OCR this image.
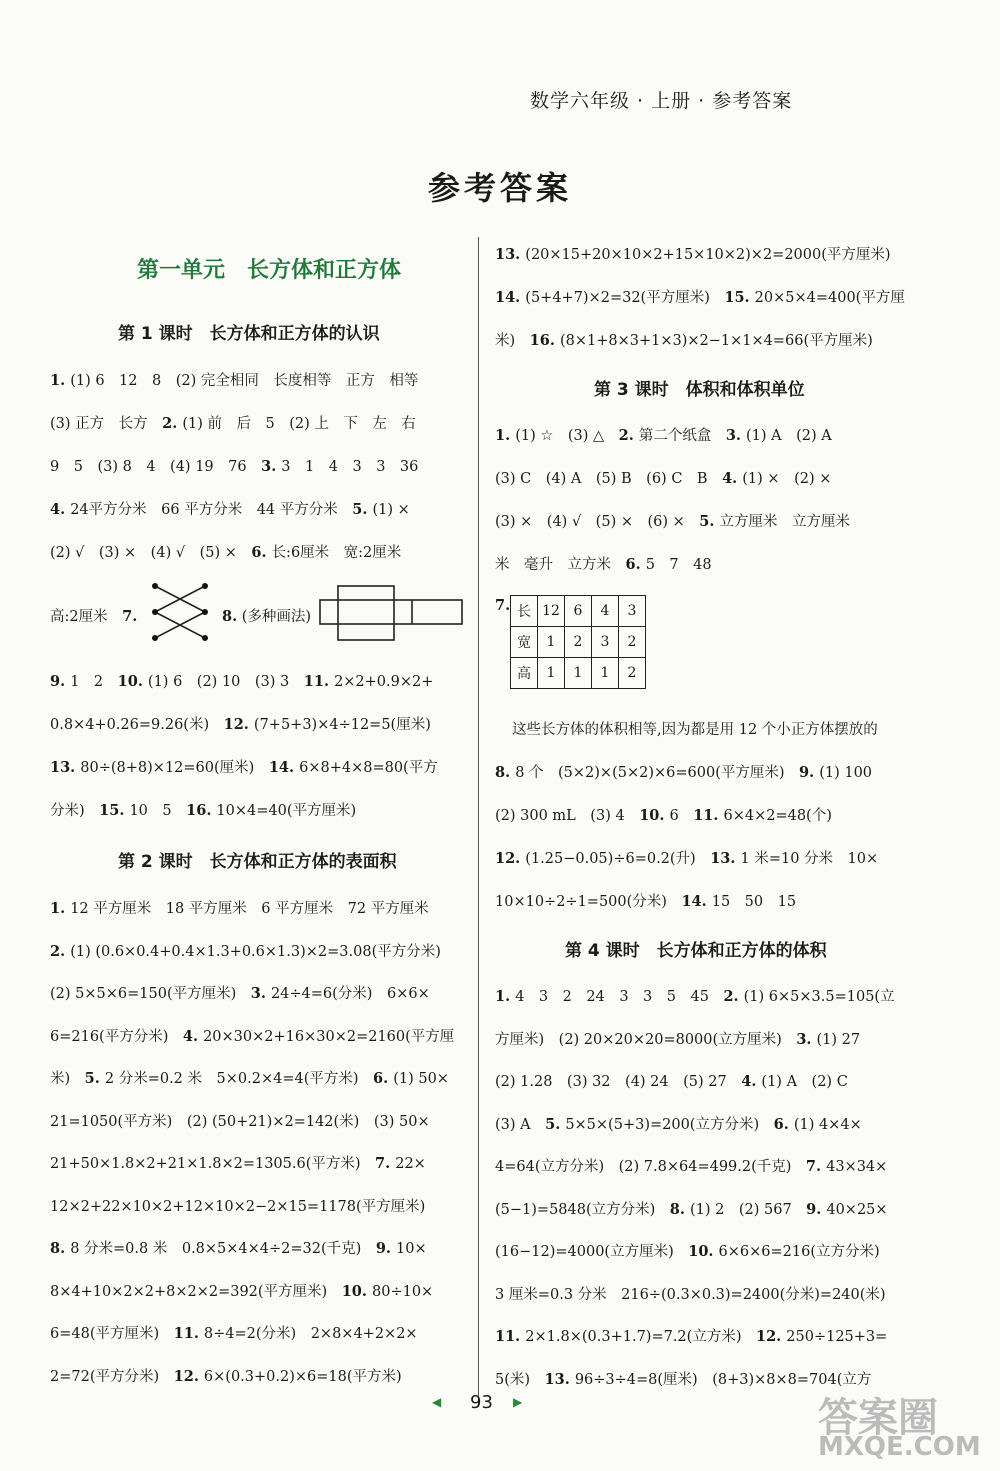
数学六年级 · 上册 · 参考答案
参考答案
第一单元　长方体和正方体
第 1 课时　长方体和正方体的认识
1. (1) 6　12　8　(2) 完全相同　长度相等　正方　相等
(3) 正方　长方　2. (1) 前　后　5　(2) 上　下　左　右
9　5　(3) 8　4　(4) 19　76　3. 3　1　4　3　3　36
4. 24平方分米　66 平方分米　44 平方分米　5. (1) ×
(2) √　(3) ×　(4) √　(5) ×　6. 长:6厘米　宽:2厘米
高:2厘米　7.	8. (多种画法)
9. 1　2　10. (1) 6　(2) 10　(3) 3　11. 2×2+0.9×2+
0.8×4+0.26=9.26(米)　12. (7+5+3)×4÷12=5(厘米)
13. 80÷(8+8)×12=60(厘米)　14. 6×8+4×8=80(平方
分米)　15. 10　5　16. 10×4=40(平方厘米)
第 2 课时　长方体和正方体的表面积
1. 12 平方厘米　18 平方厘米　6 平方厘米　72 平方厘米
2. (1) (0.6×0.4+0.4×1.3+0.6×1.3)×2=3.08(平方分米)
(2) 5×5×6=150(平方厘米)　3. 24÷4=6(分米)　6×6×
6=216(平方分米)　4. 20×30×2+16×30×2=2160(平方厘
米)　5. 2 分米=0.2 米　5×0.2×4=4(平方米)　6. (1) 50×
21=1050(平方米)　(2) (50+21)×2=142(米)　(3) 50×
21+50×1.8×2+21×1.8×2=1305.6(平方米)　7. 22×
12×2+22×10×2+12×10×2−2×15=1178(平方厘米)
8. 8 分米=0.8 米　0.8×5×4×4÷2=32(千克)　9. 10×
8×4+10×2×2+8×2×2=392(平方厘米)　10. 80÷10×
6=48(平方厘米)　11. 8÷4=2(分米)　2×8×4+2×2×
2=72(平方分米)　12. 6×(0.3+0.2)×6=18(平方米)
13. (20×15+20×10×2+15×10×2)×2=2000(平方厘米)
14. (5+4+7)×2=32(平方厘米)　15. 20×5×4=400(平方厘
米)　16. (8×1+8×3+1×3)×2−1×1×4=66(平方厘米)
第 3 课时　体积和体积单位
1. (1) ☆　(3) △　2. 第二个纸盒　3. (1) A　(2) A
(3) C　(4) A　(5) B　(6) C　B　4. (1) ×　(2) ×
(3) ×　(4) √　(5) ×　(6) ×　5. 立方厘米　立方厘米
米　毫升　立方米　6. 5　7　48
7. 长	12	6	4	3
宽	1	2	3	2
高	1	1	1	2
这些长方体的体积相等,因为都是用 12 个小正方体摆放的
8. 8 个　(5×2)×(5×2)×6=600(平方厘米)　9. (1) 100
(2) 300 mL　(3) 4　10. 6　11. 6×4×2=48(个)
12. (1.25−0.05)÷6=0.2(升)　13. 1 米=10 分米　10×
10×10÷2÷1=500(分米)　14. 15　50　15
第 4 课时　长方体和正方体的体积
1. 4　3　2　24　3　3　5　45　2. (1) 6×5×3.5=105(立
方厘米)　(2) 20×20×20=8000(立方厘米)　3. (1) 27
(2) 1.28　(3) 32　(4) 24　(5) 27　4. (1) A　(2) C
(3) A　5. 5×5×(5+3)=200(立方分米)　6. (1) 4×4×
4=64(立方分米)　(2) 7.8×64=499.2(千克)　7. 43×34×
(5−1)=5848(立方分米)　8. (1) 2　(2) 567　9. 40×25×
(16−12)=4000(立方厘米)　10. 6×6×6=216(立方分米)
3 厘米=0.3 分米　216÷(0.3×0.3)=2400(分米)=240(米)
11. 2×1.8×(0.3+1.7)=7.2(立方米)　12. 250÷125+3=
5(米)　13. 96÷3÷4=8(厘米)　(8+3)×8×8=704(立方
◀ 93 ▶	答案圈
MXQE.COM
